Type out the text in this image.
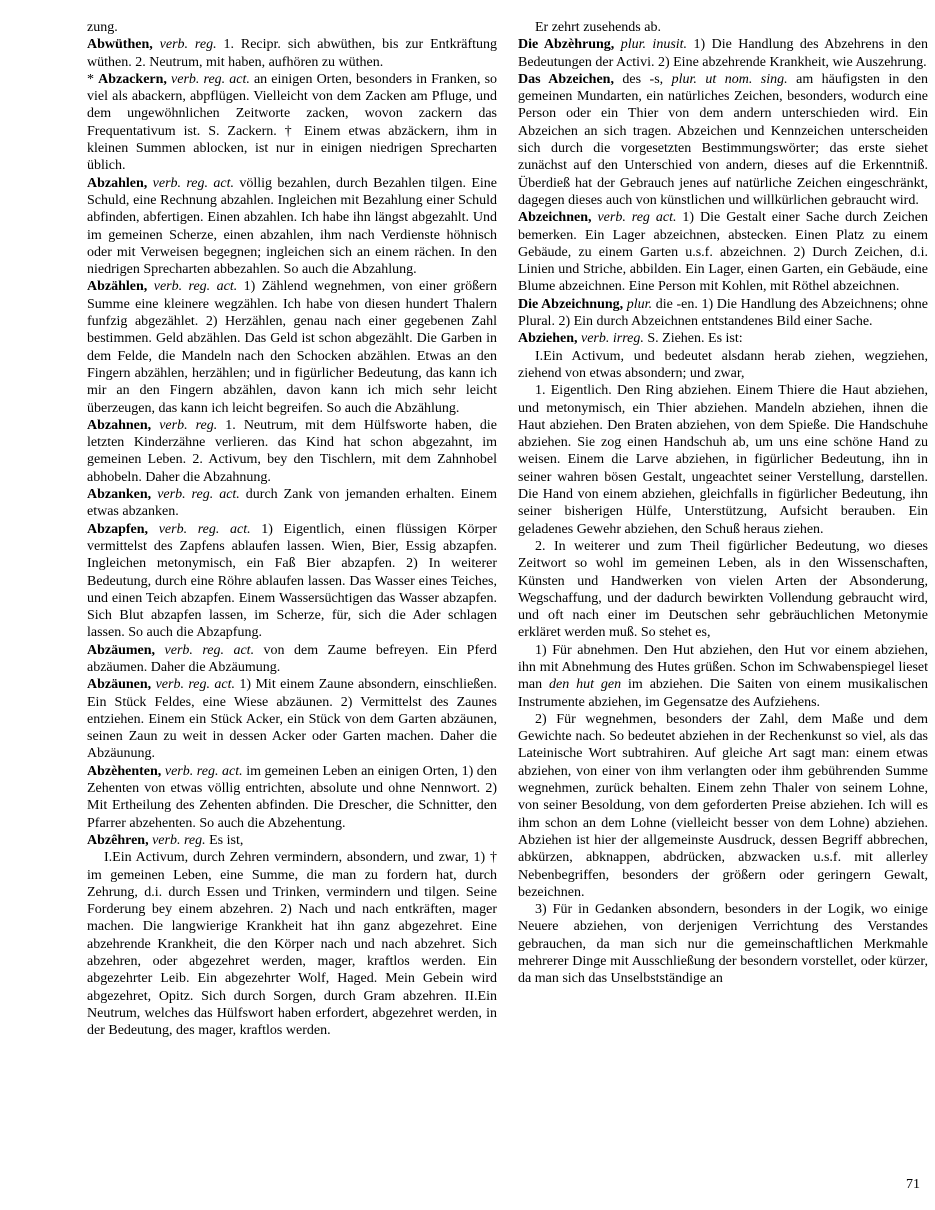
zung.

Abwüthen, verb. reg. 1. Recipr. sich abwüthen, bis zur Entkräftung wüthen. 2. Neutrum, mit haben, aufhören zu wüthen.

* Abzackern, verb. reg. act. an einigen Orten, besonders in Franken, so viel als abackern, abpflügen. Vielleicht von dem Zacken am Pfluge, und dem ungewöhnlichen Zeitworte zacken, wovon zackern das Frequentativum ist. S. Zackern. † Einem etwas abzäckern, ihm in kleinen Summen ablocken, ist nur in einigen niedrigen Sprecharten üblich.

Abzahlen, verb. reg. act. völlig bezahlen, durch Bezahlen tilgen. Eine Schuld, eine Rechnung abzahlen. Ingleichen mit Bezahlung einer Schuld abfinden, abfertigen. Einen abzahlen. Ich habe ihn längst abgezahlt. Und im gemeinen Scherze, einen abzahlen, ihm nach Verdienste höhnisch oder mit Verweisen begegnen; ingleichen sich an einem rächen. In den niedrigen Sprecharten abbezahlen. So auch die Abzahlung.

Abzählen, verb. reg. act. 1) Zählend wegnehmen, von einer größern Summe eine kleinere wegzählen. Ich habe von diesen hundert Thalern funfzig abgezählet. 2) Herzählen, genau nach einer gegebenen Zahl bestimmen. Geld abzählen. Das Geld ist schon abgezählt. Die Garben in dem Felde, die Mandeln nach den Schocken abzählen. Etwas an den Fingern abzählen, herzählen; und in figürlicher Bedeutung, das kann ich mir an den Fingern abzählen, davon kann ich mich sehr leicht überzeugen, das kann ich leicht begreifen. So auch die Abzählung.

Abzahnen, verb. reg. 1. Neutrum, mit dem Hülfsworte haben, die letzten Kinderzähne verlieren. das Kind hat schon abgezahnt, im gemeinen Leben. 2. Activum, bey den Tischlern, mit dem Zahnhobel abhobeln. Daher die Abzahnung.

Abzanken, verb. reg. act. durch Zank von jemanden erhalten. Einem etwas abzanken.

Abzapfen, verb. reg. act. 1) Eigentlich, einen flüssigen Körper vermittelst des Zapfens ablaufen lassen. Wien, Bier, Essig abzapfen. Ingleichen metonymisch, ein Faß Bier abzapfen. 2) In weiterer Bedeutung, durch eine Röhre ablaufen lassen. Das Wasser eines Teiches, und einen Teich abzapfen. Einem Wassersüchtigen das Wasser abzapfen. Sich Blut abzapfen lassen, im Scherze, für, sich die Ader schlagen lassen. So auch die Abzapfung.

Abzäumen, verb. reg. act. von dem Zaume befreyen. Ein Pferd abzäumen. Daher die Abzäumung.

Abzäunen, verb. reg. act. 1) Mit einem Zaune absondern, einschließen. Ein Stück Feldes, eine Wiese abzäunen. 2) Vermittelst des Zaunes entziehen. Einem ein Stück Acker, ein Stück von dem Garten abzäunen, seinen Zaun zu weit in dessen Acker oder Garten machen. Daher die Abzäunung.

Abzèhenten, verb. reg. act. im gemeinen Leben an einigen Orten, 1) den Zehenten von etwas völlig entrichten, absolute und ohne Nennwort. 2) Mit Ertheilung des Zehenten abfinden. Die Drescher, die Schnitter, den Pfarrer abzehenten. So auch die Abzehentung.

Abzêhren, verb. reg. Es ist,

I.Ein Activum, durch Zehren vermindern, absondern, und zwar, 1) † im gemeinen Leben, eine Summe, die man zu fordern hat, durch Zehrung, d.i. durch Essen und Trinken, vermindern und tilgen. Seine Forderung bey einem abzehren. 2) Nach und nach entkräften, mager machen. Die langwierige Krankheit hat ihn ganz abgezehret. Eine abzehrende Krankheit, die den Körper nach und nach abzehret. Sich abzehren, oder abgezehret werden, mager, kraftlos werden. Ein abgezehrter Leib. Ein abgezehrter Wolf, Haged. Mein Gebein wird abgezehret, Opitz. Sich durch Sorgen, durch Gram abzehren. II.Ein Neutrum, welches das Hülfswort haben erfordert, abgezehret werden, in der Bedeutung, des mager, kraftlos werden.

Er zehrt zusehends ab.

Die Abzèhrung, plur. inusit. 1) Die Handlung des Abzehrens in den Bedeutungen der Activi. 2) Eine abzehrende Krankheit, wie Auszehrung.

Das Abzeichen, des -s, plur. ut nom. sing. am häufigsten in den gemeinen Mundarten, ein natürliches Zeichen, besonders, wodurch eine Person oder ein Thier von dem andern unterschieden wird. Ein Abzeichen an sich tragen. Abzeichen und Kennzeichen unterscheiden sich durch die vorgesetzten Bestimmungswörter; das erste siehet zunächst auf den Unterschied von andern, dieses auf die Erkenntniß. Überdieß hat der Gebrauch jenes auf natürliche Zeichen eingeschränkt, dagegen dieses auch von künstlichen und willkürlichen gebraucht wird.

Abzeichnen, verb. reg act. 1) Die Gestalt einer Sache durch Zeichen bemerken. Ein Lager abzeichnen, abstecken. Einen Platz zu einem Gebäude, zu einem Garten u.s.f. abzeichnen. 2) Durch Zeichen, d.i. Linien und Striche, abbilden. Ein Lager, einen Garten, ein Gebäude, eine Blume abzeichnen. Eine Person mit Kohlen, mit Röthel abzeichnen.

Die Abzeichnung, plur. die -en. 1) Die Handlung des Abzeichnens; ohne Plural. 2) Ein durch Abzeichnen entstandenes Bild einer Sache.

Abziehen, verb. irreg. S. Ziehen. Es ist:

I.Ein Activum, und bedeutet alsdann herab ziehen, wegziehen, ziehend von etwas absondern; und zwar,

1. Eigentlich. Den Ring abziehen. Einem Thiere die Haut abziehen, und metonymisch, ein Thier abziehen. Mandeln abziehen, ihnen die Haut abziehen. Den Braten abziehen, von dem Spieße. Die Handschuhe abziehen. Sie zog einen Handschuh ab, um uns eine schöne Hand zu weisen. Einem die Larve abziehen, in figürlicher Bedeutung, ihn in seiner wahren bösen Gestalt, ungeachtet seiner Verstellung, darstellen. Die Hand von einem abziehen, gleichfalls in figürlicher Bedeutung, ihn seiner bisherigen Hülfe, Unterstützung, Aufsicht berauben. Ein geladenes Gewehr abziehen, den Schuß heraus ziehen.

2. In weiterer und zum Theil figürlicher Bedeutung, wo dieses Zeitwort so wohl im gemeinen Leben, als in den Wissenschaften, Künsten und Handwerken von vielen Arten der Absonderung, Wegschaffung, und der dadurch bewirkten Vollendung gebraucht wird, und oft nach einer im Deutschen sehr gebräuchlichen Metonymie erkläret werden muß. So stehet es,

1) Für abnehmen. Den Hut abziehen, den Hut vor einem abziehen, ihn mit Abnehmung des Hutes grüßen. Schon im Schwabenspiegel lieset man den hut gen im abziehen. Die Saiten von einem musikalischen Instrumente abziehen, im Gegensatze des Aufziehens.

2) Für wegnehmen, besonders der Zahl, dem Maße und dem Gewichte nach. So bedeutet abziehen in der Rechenkunst so viel, als das Lateinische Wort subtrahiren. Auf gleiche Art sagt man: einem etwas abziehen, von einer von ihm verlangten oder ihm gebührenden Summe wegnehmen, zurück behalten. Einem zehn Thaler von seinem Lohne, von seiner Besoldung, von dem geforderten Preise abziehen. Ich will es ihm schon an dem Lohne (vielleicht besser von dem Lohne) abziehen. Abziehen ist hier der allgemeinste Ausdruck, dessen Begriff abbrechen, abkürzen, abknappen, abdrücken, abzwacken u.s.f. mit allerley Nebenbegriffen, besonders der größern oder geringern Gewalt, bezeichnen.

3) Für in Gedanken absondern, besonders in der Logik, wo einige Neuere abziehen, von derjenigen Verrichtung des Verstandes gebrauchen, da man sich nur die gemeinschaftlichen Merkmahle mehrerer Dinge mit Ausschließung der besondern vorstellet, oder kürzer, da man sich das Unselbstständige an

71
